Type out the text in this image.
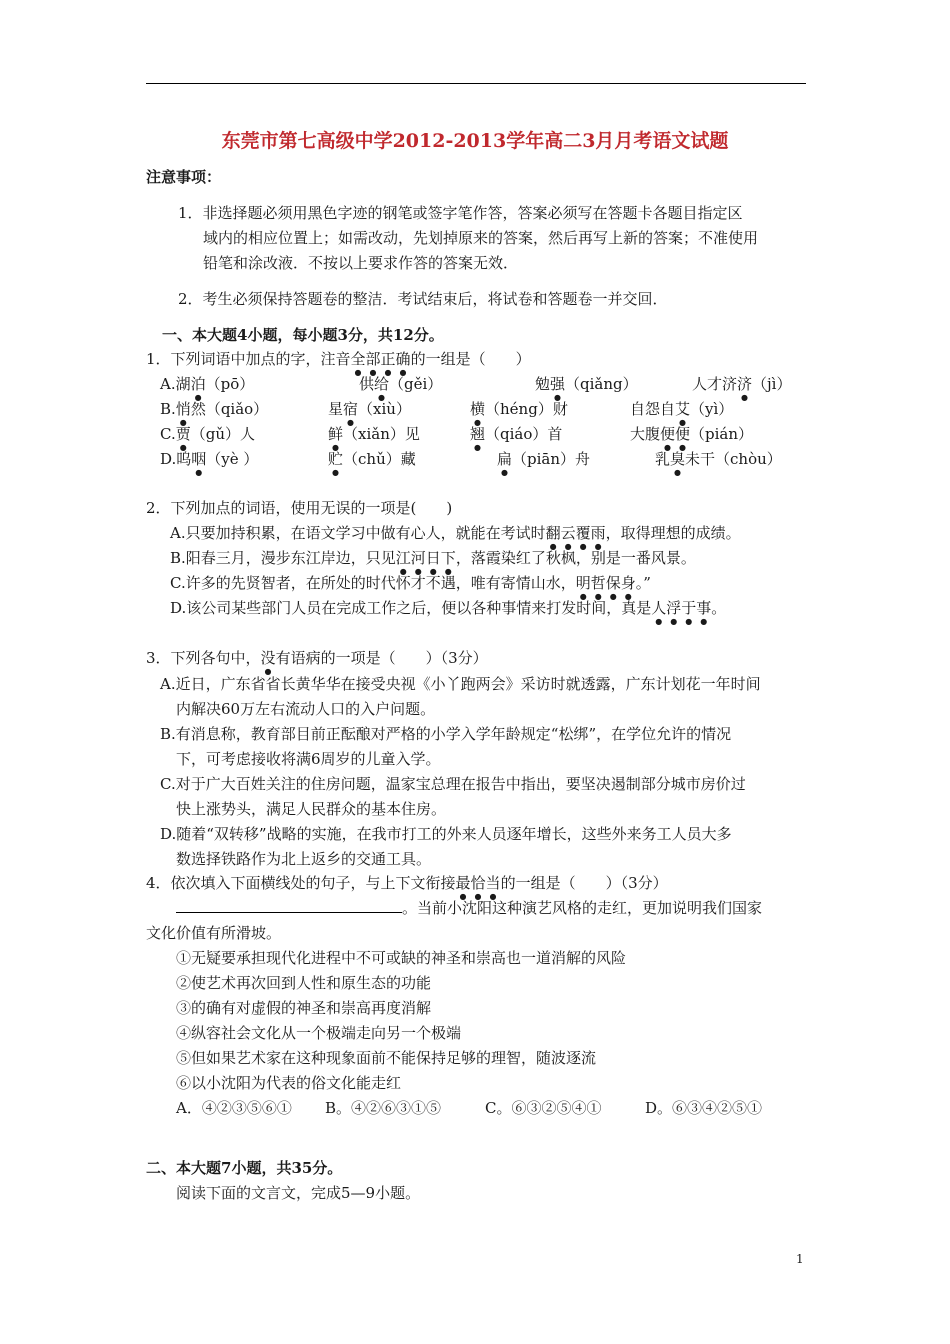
东莞市第七高级中学2012-2013学年高二3月月考语文试题
注意事项：
1．非选择题必须用黑色字迹的钢笔或签字笔作答，答案必须写在答题卡各题目指定区
域内的相应位置上；如需改动，先划掉原来的答案，然后再写上新的答案；不准使用
铅笔和涂改液．不按以上要求作答的答案无效．
2．考生必须保持答题卷的整洁．考试结束后，将试卷和答题卷一并交回．
一、本大题4小题，每小题3分，共12分。
1．下列词语中加点的字，注音全部正确的一组是（　　）
A.湖泊（pō）	供给（gěi）	勉强（qiǎng）	人才济济（jì）
B.悄然（qiǎo）	星宿（xiù）	横（héng）财	自怨自艾（yì）
C.贾（gǔ）人	鲜（xiǎn）见	翘（qiáo）首	大腹便便（pián）
D.呜咽（yè ）	贮（chǔ）藏	扁（piān）舟	乳臭未干（chòu）
2．下列加点的词语，使用无误的一项是(　　)
A.只要加持积累，在语文学习中做有心人，就能在考试时翻云覆雨，取得理想的成绩。
B.阳春三月，漫步东江岸边，只见江河日下，落霞染红了秋枫，别是一番风景。
C.许多的先贤智者，在所处的时代怀才不遇，唯有寄情山水，明哲保身。”
D.该公司某些部门人员在完成工作之后，便以各种事情来打发时间，真是人浮于事。
3．下列各句中，没有语病的一项是（　　）（3分）
A.近日，广东省省长黄华华在接受央视《小丫跑两会》采访时就透露，广东计划花一年时间
内解决60万左右流动人口的入户问题。
B.有消息称，教育部目前正酝酿对严格的小学入学年龄规定“松绑”，在学位允许的情况
下，可考虑接收将满6周岁的儿童入学。
C.对于广大百姓关注的住房问题，温家宝总理在报告中指出，要坚决遏制部分城市房价过
快上涨势头，满足人民群众的基本住房。
D.随着“双转移”战略的实施，在我市打工的外来人员逐年增长，这些外来务工人员大多
数选择铁路作为北上返乡的交通工具。
4．依次填入下面横线处的句子，与上下文衔接最恰当的一组是（　　）（3分）
。当前小沈阳这种演艺风格的走红，更加说明我们国家
文化价值有所滑坡。
①无疑要承担现代化进程中不可或缺的神圣和崇高也一道消解的风险
②使艺术再次回到人性和原生态的功能
③的确有对虚假的神圣和崇高再度消解
④纵容社会文化从一个极端走向另一个极端
⑤但如果艺术家在这种现象面前不能保持足够的理智，随波逐流
⑥以小沈阳为代表的俗文化能走红
A．④②③⑤⑥① B。④②⑥③①⑤	C。⑥③②⑤④①	D。⑥③④②⑤①
二、本大题7小题，共35分。
阅读下面的文言文，完成5—9小题。
1
